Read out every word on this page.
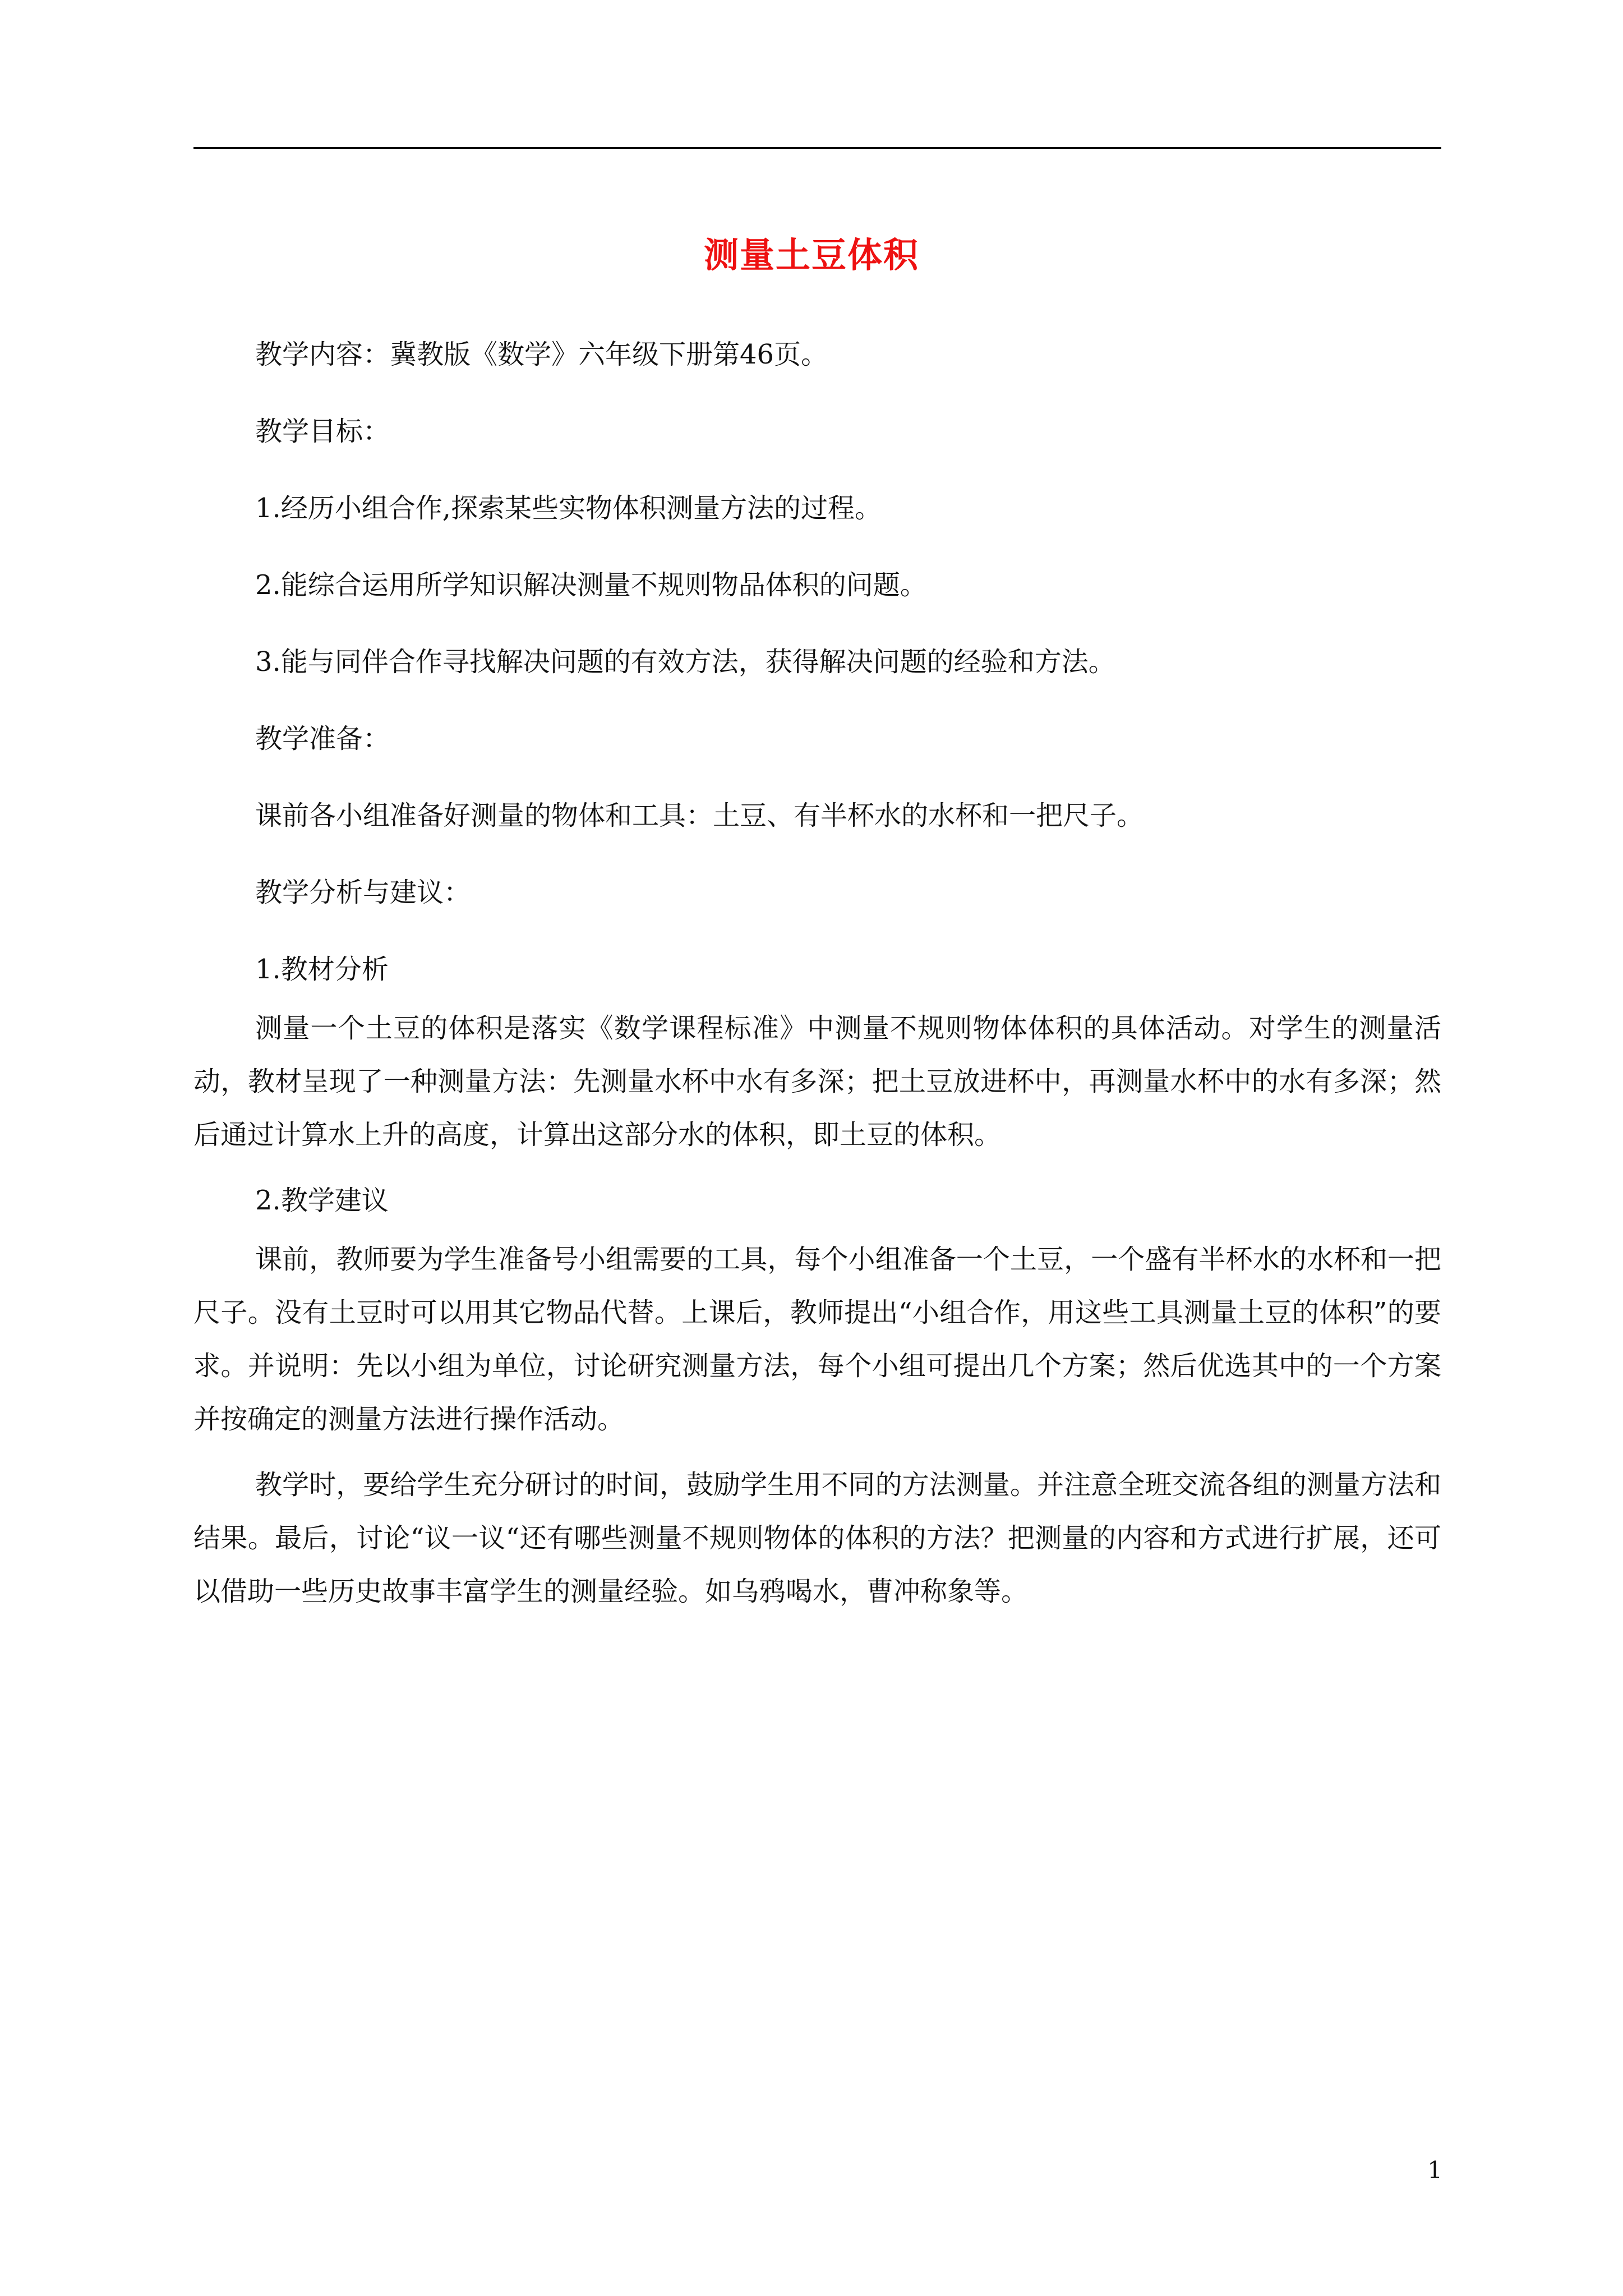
测量土豆体积

教学内容：冀教版《数学》六年级下册第46页。

教学目标：

1.经历小组合作,探索某些实物体积测量方法的过程。

2.能综合运用所学知识解决测量不规则物品体积的问题。

3.能与同伴合作寻找解决问题的有效方法，获得解决问题的经验和方法。

教学准备：

课前各小组准备好测量的物体和工具：土豆、有半杯水的水杯和一把尺子。

教学分析与建议：

1.教材分析

测量一个土豆的体积是落实《数学课程标准》中测量不规则物体体积的具体活动。对学生的测量活动，教材呈现了一种测量方法：先测量水杯中水有多深；把土豆放进杯中，再测量水杯中的水有多深；然后通过计算水上升的高度，计算出这部分水的体积，即土豆的体积。

2.教学建议

课前，教师要为学生准备号小组需要的工具，每个小组准备一个土豆，一个盛有半杯水的水杯和一把尺子。没有土豆时可以用其它物品代替。上课后，教师提出“小组合作，用这些工具测量土豆的体积”的要求。并说明：先以小组为单位，讨论研究测量方法，每个小组可提出几个方案；然后优选其中的一个方案并按确定的测量方法进行操作活动。

教学时，要给学生充分研讨的时间，鼓励学生用不同的方法测量。并注意全班交流各组的测量方法和结果。最后，讨论“议一议“还有哪些测量不规则物体的体积的方法？把测量的内容和方式进行扩展，还可以借助一些历史故事丰富学生的测量经验。如乌鸦喝水，曹冲称象等。

1
